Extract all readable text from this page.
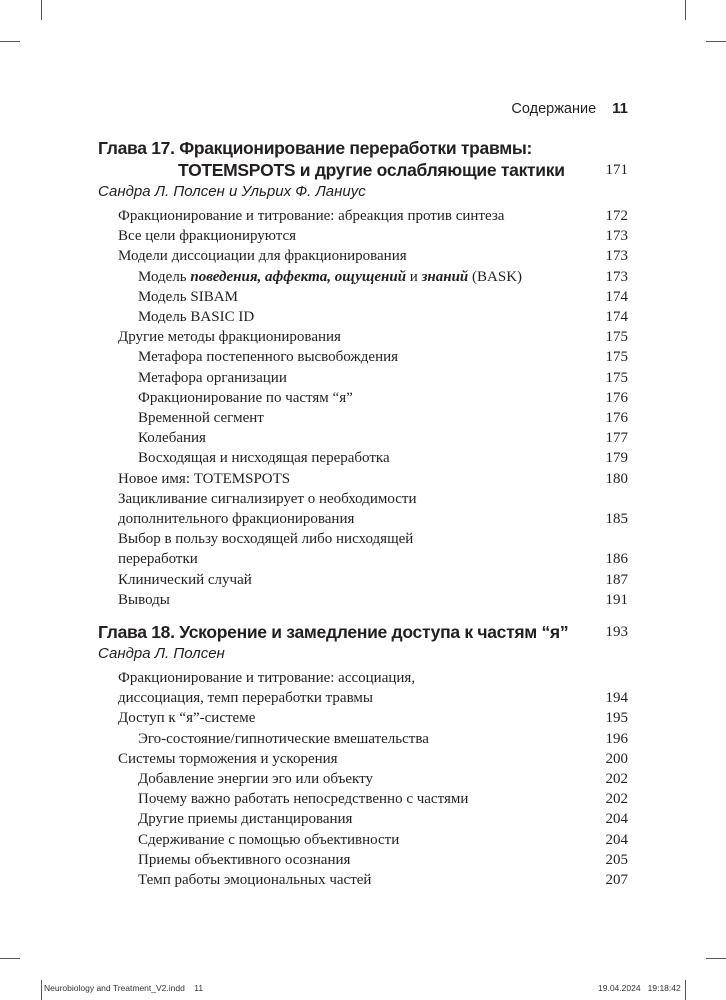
Содержание 11
Глава 17. Фракционирование переработки травмы:
TOTEMSPOTS и другие ослабляющие тактики	171
Сандра Л. Полсен и Ульрих Ф. Ланиус
Фракционирование и титрование: абреакция против синтеза	172
Все цели фракционируются	173
Модели диссоциации для фракционирования	173
Модель поведения, аффекта, ощущений и знаний (BASK)	173
Модель SIBAM	174
Модель BASIC ID	174
Другие методы фракционирования	175
Метафора постепенного высвобождения	175
Метафора организации	175
Фракционирование по частям “я”	176
Временной сегмент	176
Колебания	177
Восходящая и нисходящая переработка	179
Новое имя: TOTEMSPOTS	180
Зацикливание сигнализирует о необходимости
дополнительного фракционирования	185
Выбор в пользу восходящей либо нисходящей
переработки	186
Клинический случай	187
Выводы	191
Глава 18. Ускорение и замедление доступа к частям “я” 193
Сандра Л. Полсен
Фракционирование и титрование: ассоциация,
диссоциация, темп переработки травмы	194
Доступ к “я”-системе	195
Эго-состояние/гипнотические вмешательства	196
Системы торможения и ускорения	200
Добавление энергии эго или объекту	202
Почему важно работать непосредственно с частями	202
Другие приемы дистанцирования	204
Сдерживание с помощью объективности	204
Приемы объективного осознания	205
Темп работы эмоциональных частей	207
Neurobiology and Treatment_V2.indd 11	19.04.2024 19:18:42
